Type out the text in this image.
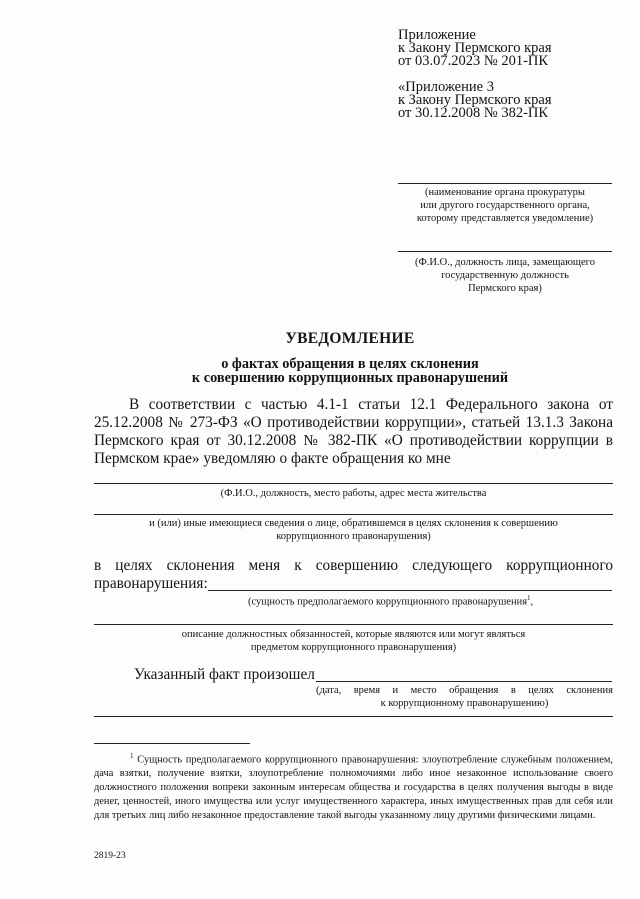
Приложение
к Закону Пермского края
от 03.07.2023 № 201-ПК
«Приложение 3
к Закону Пермского края
от 30.12.2008 № 382-ПК
(наименование органа прокуратуры
или другого государственного органа,
которому представляется уведомление)
(Ф.И.О., должность лица, замещающего
государственную должность
Пермского края)
УВЕДОМЛЕНИЕ
о фактах обращения в целях склонения
к совершению коррупционных правонарушений
В соответствии с частью 4.1-1 статьи 12.1 Федерального закона от 25.12.2008 № 273-ФЗ «О противодействии коррупции», статьей 13.1.3 Закона Пермского края от 30.12.2008 № 382-ПК «О противодействии коррупции в Пермском крае» уведомляю о факте обращения ко мне
(Ф.И.О., должность, место работы, адрес места жительства
и (или) иные имеющиеся сведения о лице, обратившемся в целях склонения к совершению
коррупционного правонарушения)
в целях склонения меня к совершению следующего коррупционного
правонарушения:
(сущность предполагаемого коррупционного правонарушения$^1$,
описание должностных обязанностей, которые являются или могут являться
предметом коррупционного правонарушения)
Указанный факт произошел
(дата, время и место обращения в целях склонения
к коррупционному правонарушению)
$^1$ Сущность предполагаемого коррупционного правонарушения: злоупотребление служебным положением, дача взятки, получение взятки, злоупотребление полномочиями либо иное незаконное использование своего должностного положения вопреки законным интересам общества и государства в целях получения выгоды в виде денег, ценностей, иного имущества или услуг имущественного характера, иных имущественных прав для себя или для третьих лиц либо незаконное предоставление такой выгоды указанному лицу другими физическими лицами.
2819-23
